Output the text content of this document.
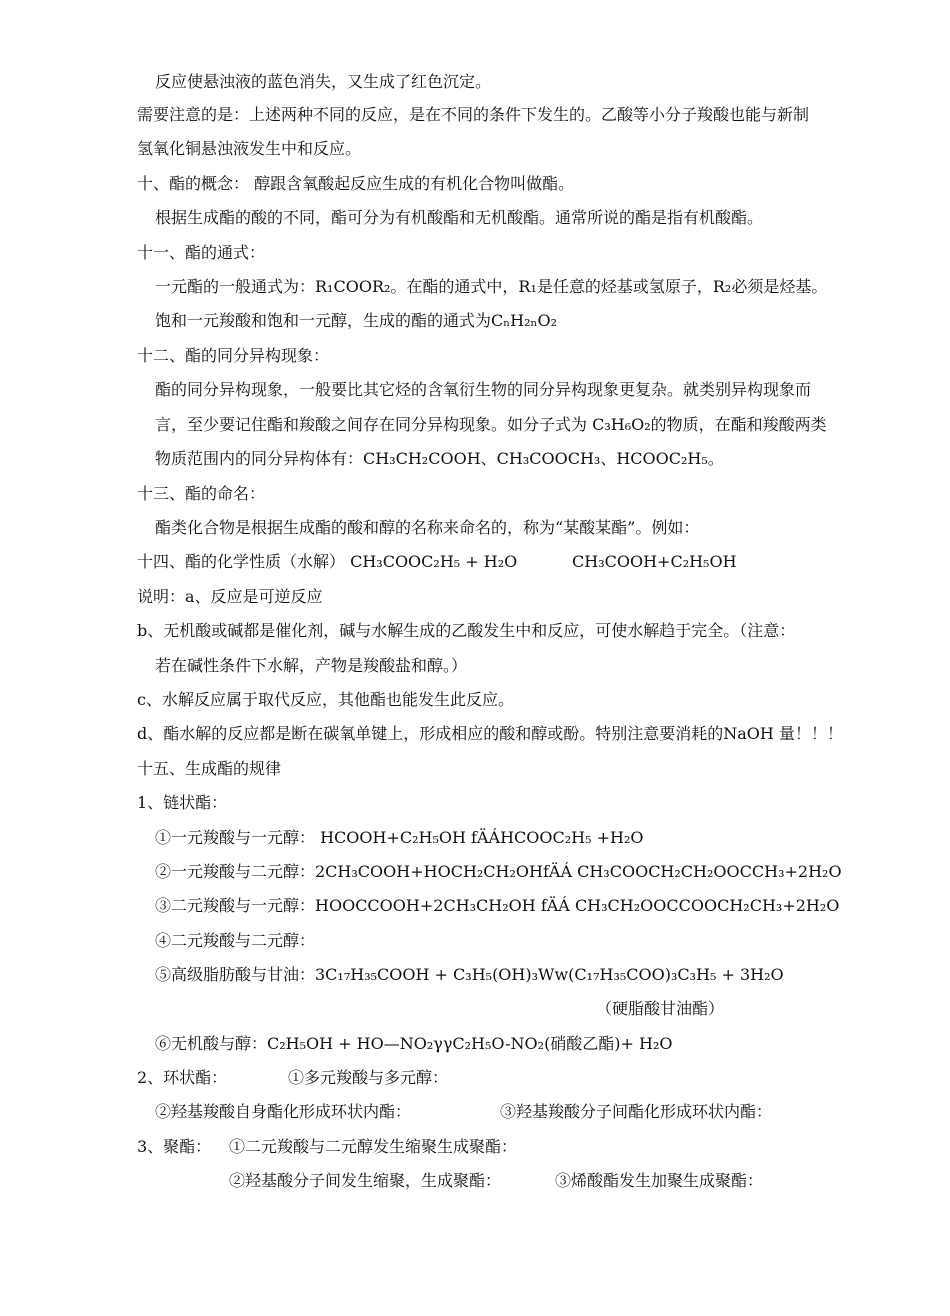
反应使悬浊液的蓝色消失，又生成了红色沉定。
需要注意的是：上述两种不同的反应，是在不同的条件下发生的。乙酸等小分子羧酸也能与新制
氢氧化铜悬浊液发生中和反应。
十、酯的概念： 醇跟含氧酸起反应生成的有机化合物叫做酯。
根据生成酯的酸的不同，酯可分为有机酸酯和无机酸酯。通常所说的酯是指有机酸酯。
十一、酯的通式：
一元酯的一般通式为：R₁COOR₂。在酯的通式中，R₁是任意的烃基或氢原子，R₂必须是烃基。
饱和一元羧酸和饱和一元醇，生成的酯的通式为CₙH₂ₙO₂
十二、酯的同分异构现象：
酯的同分异构现象，一般要比其它烃的含氧衍生物的同分异构现象更复杂。就类别异构现象而
言，至少要记住酯和羧酸之间存在同分异构现象。如分子式为 C₃H₆O₂的物质，在酯和羧酸两类
物质范围内的同分异构体有：CH₃CH₂COOH、CH₃COOCH₃、HCOOC₂H₅。
十三、酯的命名：
酯类化合物是根据生成酯的酸和醇的名称来命名的，称为“某酸某酯”。例如：
十四、酯的化学性质（水解） CH₃COOC₂H₅ + H₂O	CH₃COOH+C₂H₅OH
说明：a、反应是可逆反应
b、无机酸或碱都是催化剂，碱与水解生成的乙酸发生中和反应，可使水解趋于完全。（注意：
若在碱性条件下水解，产物是羧酸盐和醇。）
c、水解反应属于取代反应，其他酯也能发生此反应。
d、酯水解的反应都是断在碳氧单键上，形成相应的酸和醇或酚。特别注意要消耗的NaOH 量！！！
十五、生成酯的规律
1、链状酯：
①一元羧酸与一元醇： HCOOH+C₂H₅OH fÄÁHCOOC₂H₅ +H₂O
②一元羧酸与二元醇：2CH₃COOH+HOCH₂CH₂OHfÄÁ CH₃COOCH₂CH₂OOCCH₃+2H₂O
③二元羧酸与一元醇：HOOCCOOH+2CH₃CH₂OH fÄÁ CH₃CH₂OOCCOOCH₂CH₃+2H₂O
④二元羧酸与二元醇：
⑤高级脂肪酸与甘油：3C₁₇H₃₅COOH + C₃H₅(OH)₃Ww(C₁₇H₃₅COO)₃C₃H₅ + 3H₂O
（硬脂酸甘油酯）
⑥无机酸与醇：C₂H₅OH + HO—NO₂γγC₂H₅O-NO₂(硝酸乙酯)+ H₂O
2、环状酯：	①多元羧酸与多元醇：
②羟基羧酸自身酯化形成环状内酯：	③羟基羧酸分子间酯化形成环状内酯：
3、聚酯： ①二元羧酸与二元醇发生缩聚生成聚酯：
②羟基酸分子间发生缩聚，生成聚酯：	③烯酸酯发生加聚生成聚酯：
